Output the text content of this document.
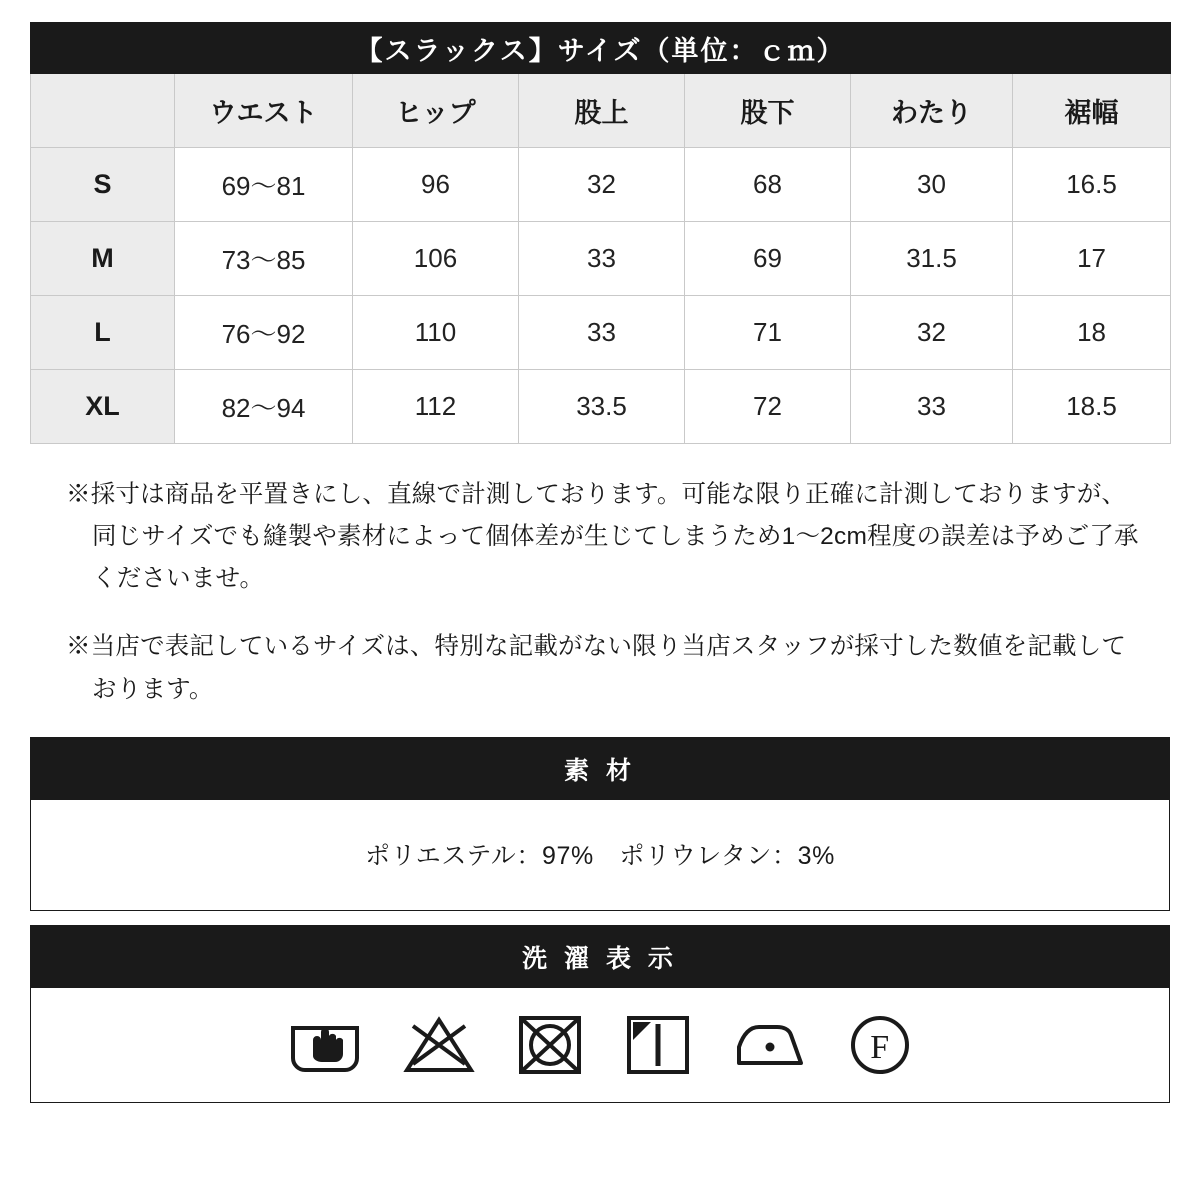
【スラックス】サイズ（単位：ｃｍ）						
	ウエスト	ヒップ	股上	股下	わたり	裾幅
S	69〜81	96	32	68	30	16.5
M	73〜85	106	33	69	31.5	17
L	76〜92	110	33	71	32	18
XL	82〜94	112	33.5	72	33	18.5

※採寸は商品を平置きにし、直線で計測しております。可能な限り正確に計測しておりますが、同じサイズでも縫製や素材によって個体差が生じてしまうため1〜2cm程度の誤差は予めご了承くださいませ。

※当店で表記しているサイズは、特別な記載がない限り当店スタッフが採寸した数値を記載しております。

素 材
ポリエステル：97%　ポリウレタン：3%
洗 濯 表 示
F
